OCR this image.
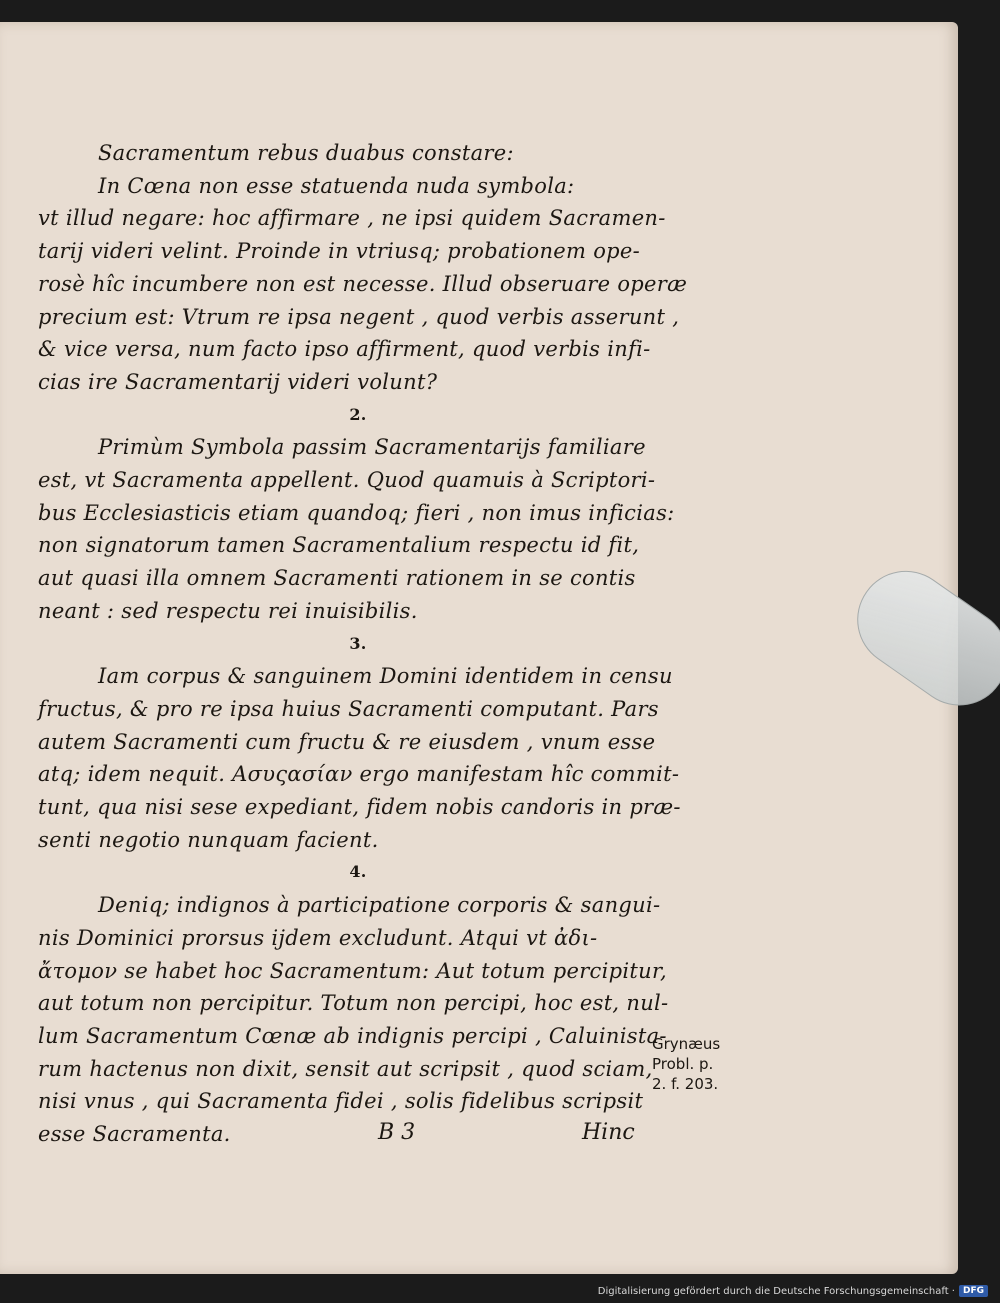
Sacramentum rebus duabus constare:
In Cœna non esse statuenda nuda symbola:
vt illud negare: hoc affirmare , ne ipsi quidem Sacramen-
tarij videri velint. Proinde in vtriusq; probationem ope-
rosè hîc incumbere non est necesse. Illud obseruare operæ
precium est: Vtrum re ipsa negent , quod verbis asserunt ,
& vice versa, num facto ipso affirment, quod verbis infi-
cias ire Sacramentarij videri volunt?
2.
Primùm Symbola passim Sacramentarijs familiare
est, vt Sacramenta appellent. Quod quamuis à Scriptori-
bus Ecclesiasticis etiam quandoq; fieri , non imus inficias:
non signatorum tamen Sacramentalium respectu id fit,
aut quasi illa omnem Sacramenti rationem in se contis
neant : sed respectu rei inuisibilis.
3.
Iam corpus & sanguinem Domini identidem in censu
fructus, & pro re ipsa huius Sacramenti computant. Pars
autem Sacramenti cum fructu & re eiusdem , vnum esse
atq; idem nequit. Ασυςασίαν ergo manifestam hîc commit-
tunt, qua nisi sese expediant, fidem nobis candoris in præ-
senti negotio nunquam facient.
4.
Deniq; indignos à participatione corporis & sangui-
nis Dominici prorsus ijdem excludunt. Atqui vt ἀδι-
ἄτομον se habet hoc Sacramentum: Aut totum percipitur,
aut totum non percipitur. Totum non percipi, hoc est, nul-
lum Sacramentum Cœnæ ab indignis percipi , Caluinista-
rum hactenus non dixit, sensit aut scripsit , quod sciam,
nisi vnus , qui Sacramenta fidei , solis fidelibus scripsit
esse Sacramenta.
Grynæus
Probl. p.
2. f. 203.
B 3	Hinc
Digitalisierung gefördert durch die Deutsche Forschungsgemeinschaft · DFG
